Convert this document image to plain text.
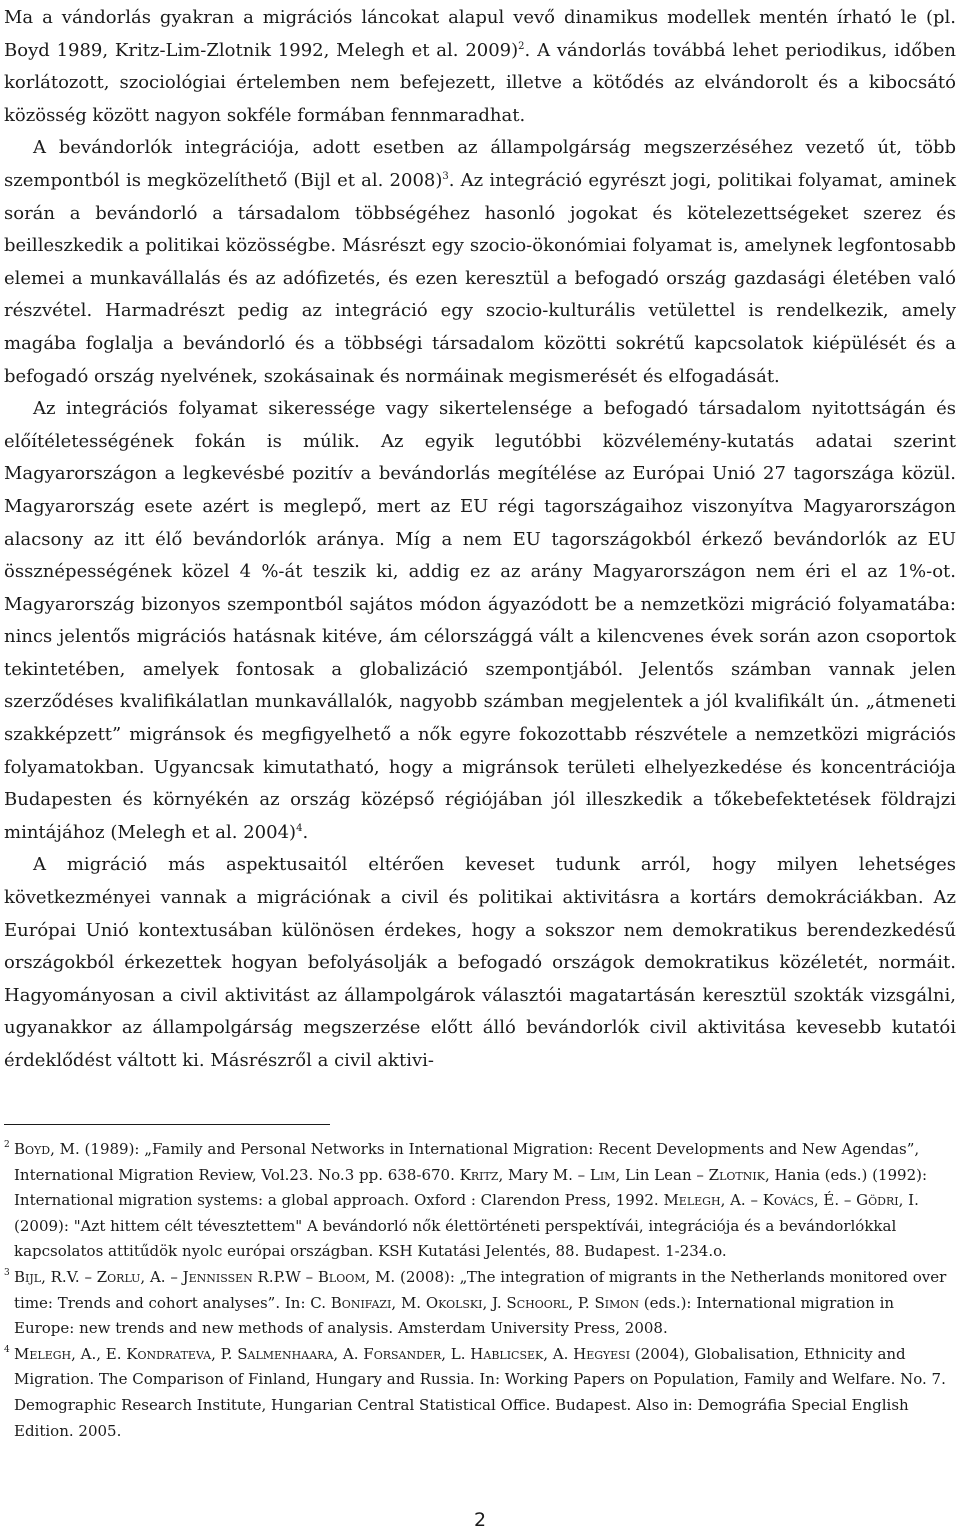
Ma a vándorlás gyakran a migrációs láncokat alapul vevő dinamikus modellek mentén írható le (pl. Boyd 1989, Kritz-Lim-Zlotnik 1992, Melegh et al. 2009)$^2$. A vándorlás továbbá lehet periodikus, időben korlátozott, szociológiai értelemben nem befejezett, illetve a kötődés az elvándorolt és a kibocsátó közösség között nagyon sokféle formában fennmaradhat.

A bevándorlók integrációja, adott esetben az állampolgárság megszerzéséhez vezető út, több szempontból is megközelíthető (Bijl et al. 2008)$^3$. Az integráció egyrészt jogi, politikai folyamat, aminek során a bevándorló a társadalom többségéhez hasonló jogokat és kötelezettségeket szerez és beilleszkedik a politikai közösségbe. Másrészt egy szocio-ökonómiai folyamat is, amelynek legfontosabb elemei a munkavállalás és az adófizetés, és ezen keresztül a befogadó ország gazdasági életében való részvétel. Harmadrészt pedig az integráció egy szocio-kulturális vetülettel is rendelkezik, amely magába foglalja a bevándorló és a többségi társadalom közötti sokrétű kapcsolatok kiépülését és a befogadó ország nyelvének, szokásainak és normáinak megismerését és elfogadását.

Az integrációs folyamat sikeressége vagy sikertelensége a befogadó társadalom nyitottságán és előítéletességének fokán is múlik. Az egyik legutóbbi közvélemény-kutatás adatai szerint Magyarországon a legkevésbé pozitív a bevándorlás megítélése az Európai Unió 27 tagországa közül. Magyarország esete azért is meglepő, mert az EU régi tagországaihoz viszonyítva Magyarországon alacsony az itt élő bevándorlók aránya. Míg a nem EU tagországokból érkező bevándorlók az EU össznépességének közel 4 %-át teszik ki, addig ez az arány Magyarországon nem éri el az 1%-ot. Magyarország bizonyos szempontból sajátos módon ágyazódott be a nemzetközi migráció folyamatába: nincs jelentős migrációs hatásnak kitéve, ám célországgá vált a kilencvenes évek során azon csoportok tekintetében, amelyek fontosak a globalizáció szempontjából. Jelentős számban vannak jelen szerződéses kvalifikálatlan munkavállalók, nagyobb számban megjelentek a jól kvalifikált ún. „átmeneti szakképzett” migránsok és megfigyelhető a nők egyre fokozottabb részvétele a nemzetközi migrációs folyamatokban. Ugyancsak kimutatható, hogy a migránsok területi elhelyezkedése és koncentrációja Budapesten és környékén az ország középső régiójában jól illeszkedik a tőkebefektetések földrajzi mintájához (Melegh et al. 2004)$^4$.

A migráció más aspektusaitól eltérően keveset tudunk arról, hogy milyen lehetséges következményei vannak a migrációnak a civil és politikai aktivitásra a kortárs demokráciákban. Az Európai Unió kontextusában különösen érdekes, hogy a sokszor nem demokratikus berendezkedésű országokból érkezettek hogyan befolyásolják a befogadó országok demokratikus közéletét, normáit. Hagyományosan a civil aktivitást az állampolgárok választói magatartásán keresztül szokták vizsgálni, ugyanakkor az állampolgárság megszerzése előtt álló bevándorlók civil aktivitása kevesebb kutatói érdeklődést váltott ki. Másrészről a civil aktivi-

2 Boyd, M. (1989): „Family and Personal Networks in International Migration: Recent Developments and New Agendas”, International Migration Review, Vol.23. No.3 pp. 638-670. Kritz, Mary M. – Lim, Lin Lean – Zlotnik, Hania (eds.) (1992): International migration systems: a global approach. Oxford : Clarendon Press, 1992. Melegh, A. – Kovács, É. – Gödri, I. (2009): "Azt hittem célt tévesztettem" A bevándorló nők élettörténeti perspektívái, integrációja és a bevándorlókkal kapcsolatos attitűdök nyolc európai országban. KSH Kutatási Jelentés, 88. Budapest. 1-234.o.

3 Bijl, R.V. – Zorlu, A. – Jennissen R.P.W – Bloom, M. (2008): „The integration of migrants in the Netherlands monitored over time: Trends and cohort analyses”. In: C. Bonifazi, M. Okolski, J. Schoorl, P. Simon (eds.): International migration in Europe: new trends and new methods of analysis. Amsterdam University Press, 2008.

4 Melegh, A., E. Kondrateva, P. Salmenhaara, A. Forsander, L. Hablicsek, A. Hegyesi (2004), Globalisation, Ethnicity and Migration. The Comparison of Finland, Hungary and Russia. In: Working Papers on Population, Family and Welfare. No. 7. Demographic Research Institute, Hungarian Central Statistical Office. Budapest. Also in: Demográfia Special English Edition. 2005.

2
